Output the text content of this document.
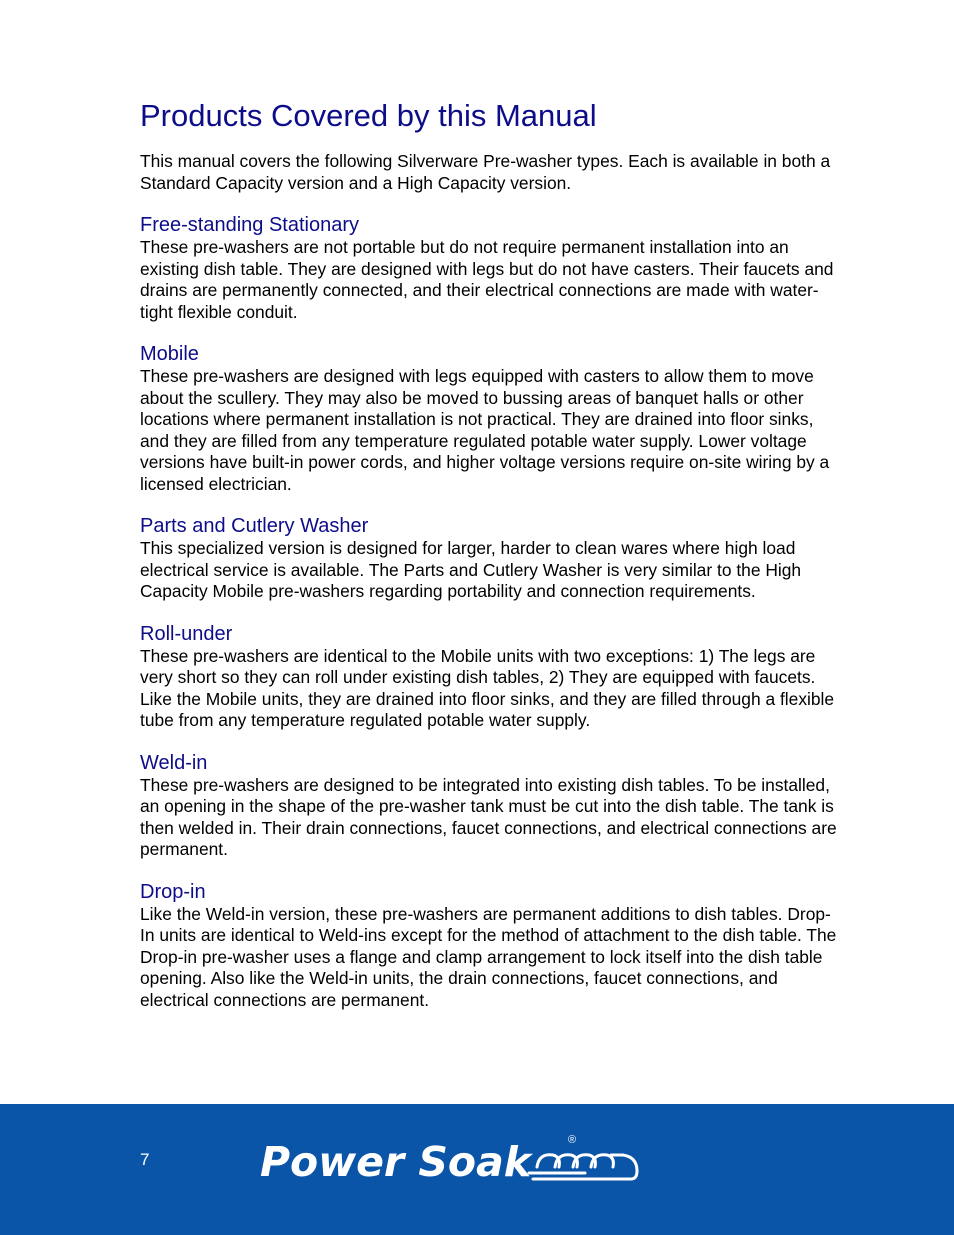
Products Covered by this Manual

This manual covers the following Silverware Pre-washer types. Each is available in both a Standard Capacity version and a High Capacity version.

Free-standing Stationary

These pre-washers are not portable but do not require permanent installation into an existing dish table. They are designed with legs but do not have casters. Their faucets and drains are permanently connected, and their electrical connections are made with water-tight flexible conduit.

Mobile

These pre-washers are designed with legs equipped with casters to allow them to move about the scullery. They may also be moved to bussing areas of banquet halls or other locations where permanent installation is not practical. They are drained into floor sinks, and they are filled from any temperature regulated potable water supply. Lower voltage versions have built-in power cords, and higher voltage versions require on-site wiring by a licensed electrician.

Parts and Cutlery Washer

This specialized version is designed for larger, harder to clean wares where high load electrical service is available. The Parts and Cutlery Washer is very similar to the High Capacity Mobile pre-washers regarding portability and connection requirements.

Roll-under

These pre-washers are identical to the Mobile units with two exceptions: 1) The legs are very short so they can roll under existing dish tables, 2) They are equipped with faucets. Like the Mobile units, they are drained into floor sinks, and they are filled through a flexible tube from any temperature regulated potable water supply.

Weld-in

These pre-washers are designed to be integrated into existing dish tables. To be installed, an opening in the shape of the pre-washer tank must be cut into the dish table. The tank is then welded in. Their drain connections, faucet connections, and electrical connections are permanent.

Drop-in

Like the Weld-in version, these pre-washers are permanent additions to dish tables. Drop-In units are identical to Weld-ins except for the method of attachment to the dish table. The Drop-in pre-washer uses a flange and clamp arrangement to lock itself into the dish table opening. Also like the Weld-in units, the drain connections, faucet connections, and electrical connections are permanent.

7	Power Soak	®
